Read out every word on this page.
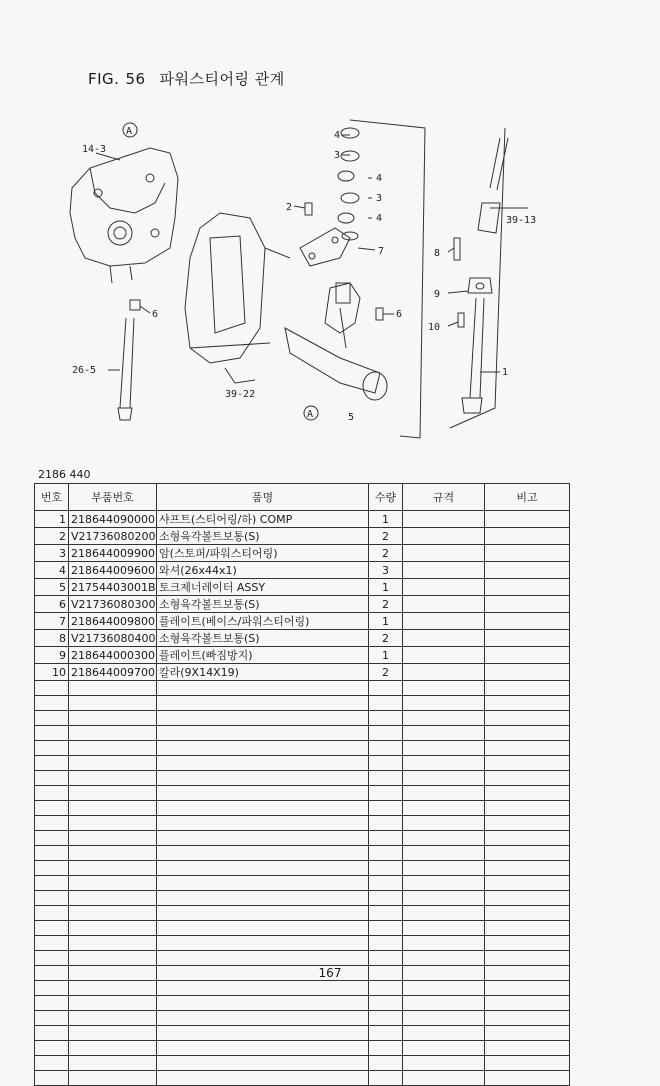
FIG. 56 파워스티어링 관계
A
14-3
6
26-5
39-22
A	5
4
3
4
3
4
2
7
6
39-13
8
9
10
1
2186 440
번호	부품번호	품명	수량	규격	비고
1	218644090000	샤프트(스티어링/하) COMP	1		
2	V21736080200	소형육각볼트보통(S)	2		
3	218644009900	암(스토퍼/파워스티어링)	2		
4	218644009600	와셔(26x44x1)	3		
5	21754403001B	토크제너레이터 ASSY	1		
6	V21736080300	소형육각볼트보통(S)	2		
7	218644009800	플레이트(베이스/파워스티어링)	1		
8	V21736080400	소형육각볼트보통(S)	2		
9	218644000300	플레이트(빠짐방지)	1		
10	218644009700	칼라(9X14X19)	2		

167
